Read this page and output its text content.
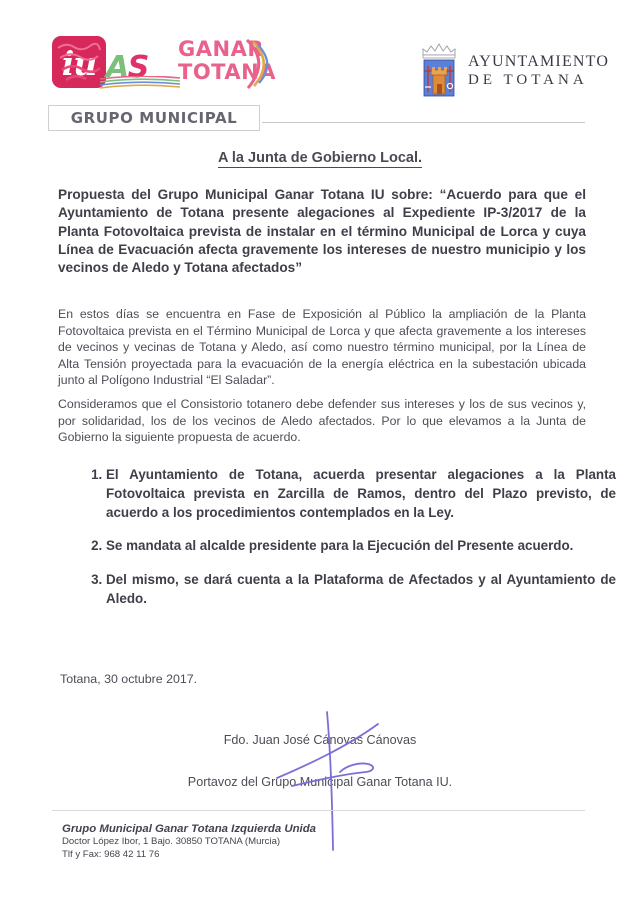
iu AS
GANAR
TOTANA	AYUNTAMIENTO
DE TOTANA
GRUPO MUNICIPAL
A la Junta de Gobierno Local.
Propuesta del Grupo Municipal Ganar Totana IU sobre: “Acuerdo para que el Ayuntamiento de Totana presente alegaciones al Expediente IP-3/2017 de la Planta Fotovoltaica prevista de instalar en el término Municipal de Lorca y cuya Línea de Evacuación afecta gravemente los intereses de nuestro municipio y los vecinos de Aledo y Totana afectados”
En estos días se encuentra en Fase de Exposición al Público la ampliación de la Planta Fotovoltaica prevista en el Término Municipal de Lorca y que afecta gravemente a los intereses de vecinos y vecinas de Totana y Aledo, así como nuestro término municipal, por la Línea de Alta Tensión proyectada para la evacuación de la energía eléctrica en la subestación ubicada junto al Polígono Industrial “El Saladar”.
Consideramos que el Consistorio totanero debe defender sus intereses y los de sus vecinos y, por solidaridad, los de los vecinos de Aledo afectados. Por lo que elevamos a la Junta de Gobierno la siguiente propuesta de acuerdo.
1. El Ayuntamiento de Totana, acuerda presentar alegaciones a la Planta Fotovoltaica prevista en Zarcilla de Ramos, dentro del Plazo previsto, de acuerdo a los procedimientos contemplados en la Ley.
2. Se mandata al alcalde presidente para la Ejecución del Presente acuerdo.
3. Del mismo, se dará cuenta a la Plataforma de Afectados y al Ayuntamiento de Aledo.
Totana, 30 octubre 2017.
Fdo. Juan José Cánovas Cánovas
Portavoz del Grupo Municipal Ganar Totana IU.
Grupo Municipal Ganar Totana Izquierda Unida
Doctor López Ibor, 1 Bajo. 30850 TOTANA (Murcia)
Tlf y Fax: 968 42 11 76
